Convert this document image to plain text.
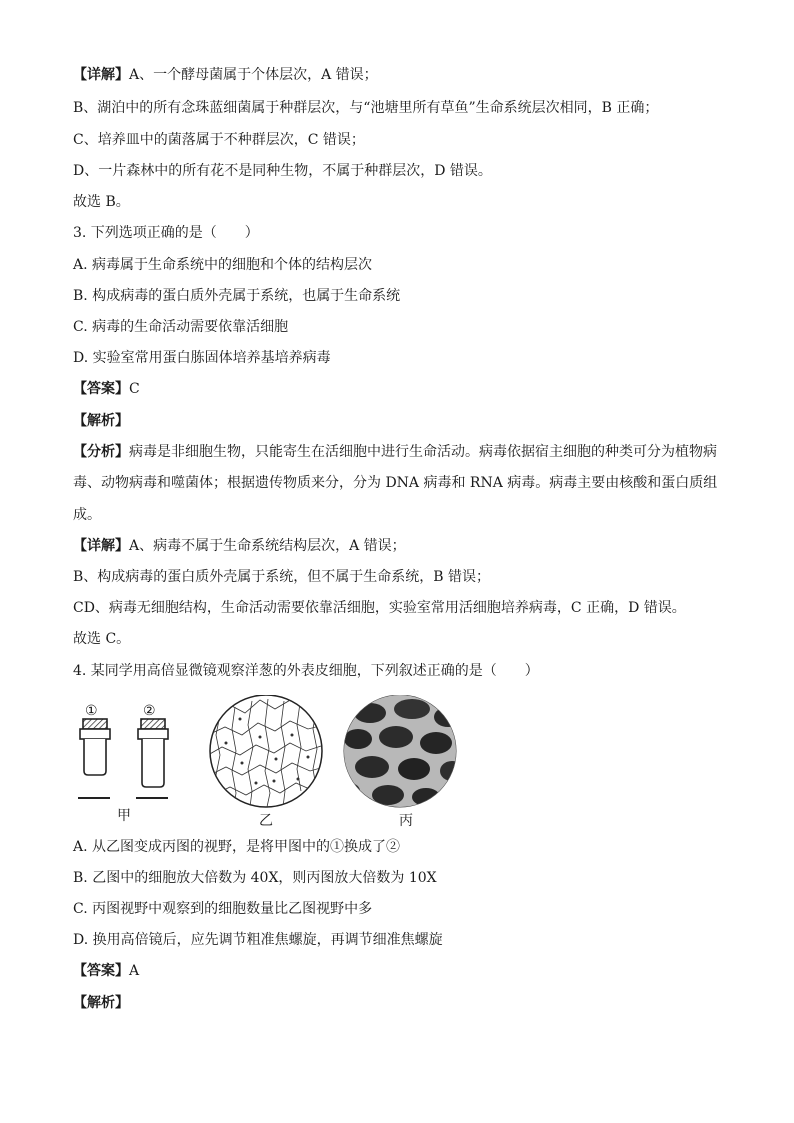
【详解】A、一个酵母菌属于个体层次，A 错误；
B、湖泊中的所有念珠蓝细菌属于种群层次，与“池塘里所有草鱼”生命系统层次相同，B 正确；
C、培养皿中的菌落属于不种群层次，C 错误；
D、一片森林中的所有花不是同种生物，不属于种群层次，D 错误。
故选 B。
3. 下列选项正确的是（　　）
A. 病毒属于生命系统中的细胞和个体的结构层次
B. 构成病毒的蛋白质外壳属于系统，也属于生命系统
C. 病毒的生命活动需要依靠活细胞
D. 实验室常用蛋白胨固体培养基培养病毒
【答案】C
【解析】
【分析】病毒是非细胞生物，只能寄生在活细胞中进行生命活动。病毒依据宿主细胞的种类可分为植物病
毒、动物病毒和噬菌体；根据遗传物质来分，分为 DNA 病毒和 RNA 病毒。病毒主要由核酸和蛋白质组
成。
【详解】A、病毒不属于生命系统结构层次，A 错误；
B、构成病毒的蛋白质外壳属于系统，但不属于生命系统，B 错误；
CD、病毒无细胞结构，生命活动需要依靠活细胞，实验室常用活细胞培养病毒，C 正确，D 错误。
故选 C。
4. 某同学用高倍显微镜观察洋葱的外表皮细胞，下列叙述正确的是（　　）
①	②
甲	乙	丙
A. 从乙图变成丙图的视野，是将甲图中的①换成了②
B. 乙图中的细胞放大倍数为 40X，则丙图放大倍数为 10X
C. 丙图视野中观察到的细胞数量比乙图视野中多
D. 换用高倍镜后，应先调节粗准焦螺旋，再调节细准焦螺旋
【答案】A
【解析】
